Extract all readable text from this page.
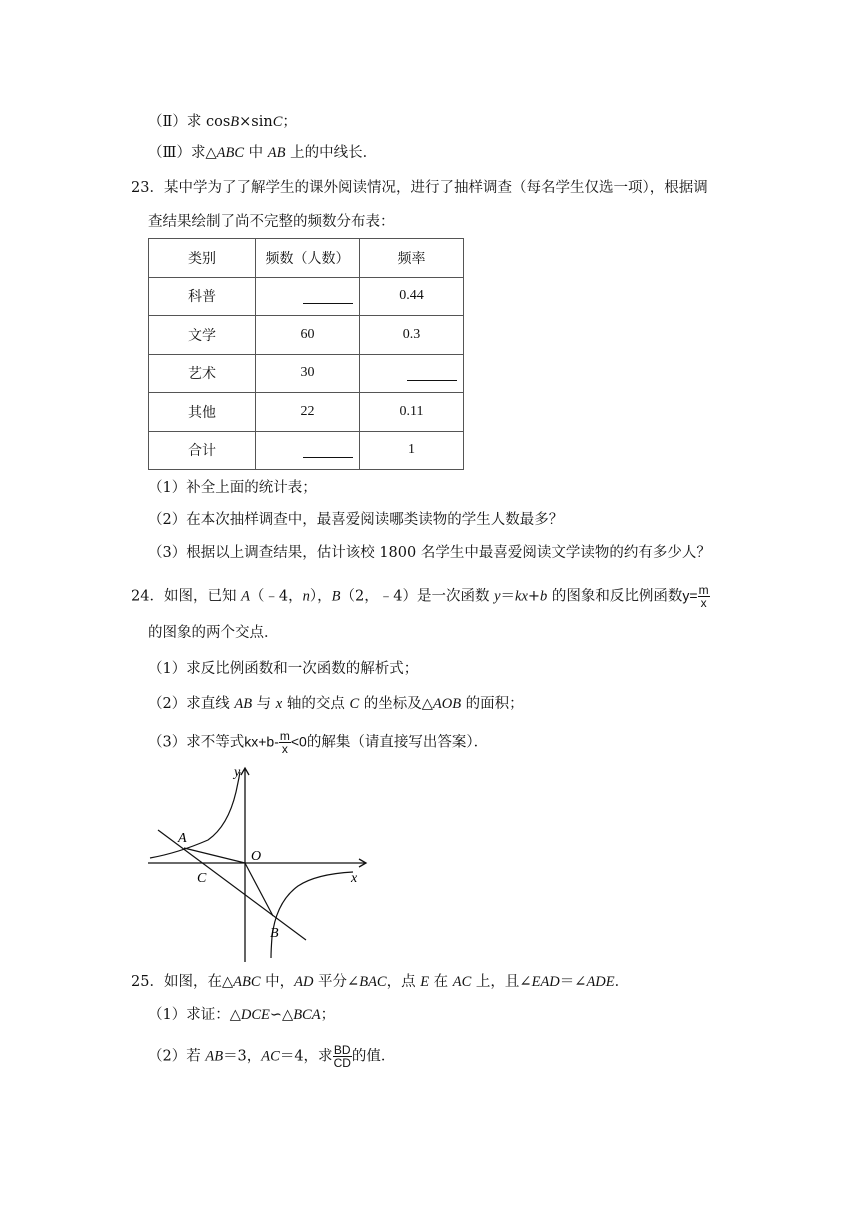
（Ⅱ）求 cosB×sinC；
（Ⅲ）求△ABC 中 AB 上的中线长．
23．某中学为了了解学生的课外阅读情况，进行了抽样调查（每名学生仅选一项），根据调
查结果绘制了尚不完整的频数分布表：
类别	频数（人数）	频率
科普		0.44
文学	60	0.3
艺术	30	
其他	22	0.11
合计		1
（1）补全上面的统计表；
（2）在本次抽样调查中，最喜爱阅读哪类读物的学生人数最多？
（3）根据以上调查结果，估计该校 1800 名学生中最喜爱阅读文学读物的约有多少人？
24．如图，已知 A（﹣4，n），B（2，﹣4）是一次函数 y＝kx+b 的图象和反比例函数$y= \frac{m}{x}$
的图象的两个交点．
（1）求反比例函数和一次函数的解析式；
（2）求直线 AB 与 x 轴的交点 C 的坐标及△AOB 的面积；
（3）求不等式$kx+b- \frac{m}{x} <0$的解集（请直接写出答案）．
y
x
O
A
C
B
25．如图，在△ABC 中，AD 平分∠BAC，点 E 在 AC 上，且∠EAD＝∠ADE．
（1）求证：△DCE∽△BCA；
（2）若 AB＝3，AC＝4，求 $\frac{BD}{CD}$ 的值．
